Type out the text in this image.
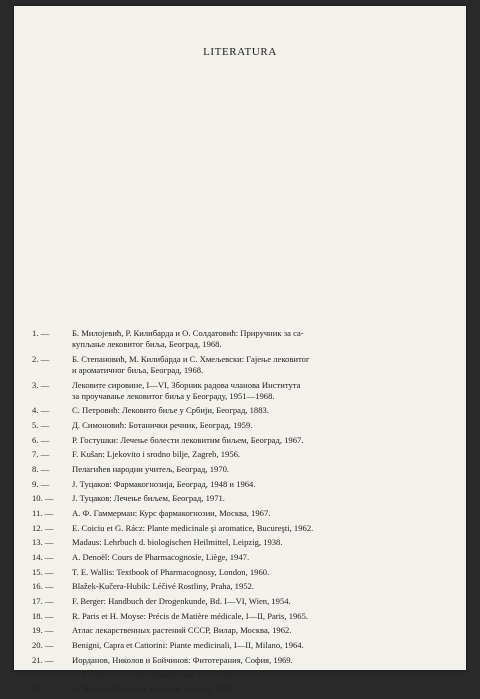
LITERATURA
1. —	Б. Милојевић, Р. Килибарда и О. Солдатовић: Приручник за са-
купљање лековитог биља, Београд, 1968.
2. —	Б. Степановић, М. Килибарда и С. Хмељевски: Гајење лековитог
и ароматичног биља, Београд, 1968.
3. —	Лековите сировине, I—VI, Зборник радова чланова Института
за проучавање лековитог биља у Београду, 1951—1968.
4. —	С. Петровић: Лековито биље у Србији, Београд, 1883.
5. —	Д. Симоновић: Ботанички речник, Београд, 1959.
6. —	Р. Гостушки: Лечење болести лековитим биљем, Београд, 1967.
7. —	F. Kušan: Ljekovito i srodno bilje, Zagreb, 1956.
8. —	Пелагићев народни учитељ, Београд, 1970.
9. —	J. Туцаков: Фармакогнозија, Београд, 1948 и 1964.
10. —	J. Туцаков: Лечење биљем, Београд, 1971.
11. —	А. Ф. Гаммерман: Курс фармакогнозии, Москва, 1967.
12. —	E. Coiciu et G. Rácz: Plante medicinale şi aromatice, Bucureşti, 1962.
13. —	Madaus: Lehrbuch d. biologischen Heilmittel, Leipzig, 1938.
14. —	A. Denoël: Cours de Pharmacognosie, Liège, 1947.
15. —	T. E. Wallis: Textbook of Pharmacognosy, London, 1960.
16. —	Blažek-Kučera-Hubik: Léčivé Rostliny, Praha, 1952.
17. —	F. Berger: Handbuch der Drogenkunde, Bd. I—VI, Wien, 1954.
18. —	R. Paris et H. Moyse: Précis de Matière médicale, I—II, Paris, 1965.
19. —	Атлас лекарственных растений СССР, Вилар, Москва, 1962.
20. —	Benigni, Capra et Cattorini: Piante medicinali, I—II, Milano, 1964.
21. —	Иорданов, Николов и Бойчинов: Фитотерания, София, 1969.
22. —	H. Leclerc: Précis de Phytothérapie, Paris, 1935.
23. —	E. Meyer: Pflanzliche Therapie, Leipzig, 1935.
